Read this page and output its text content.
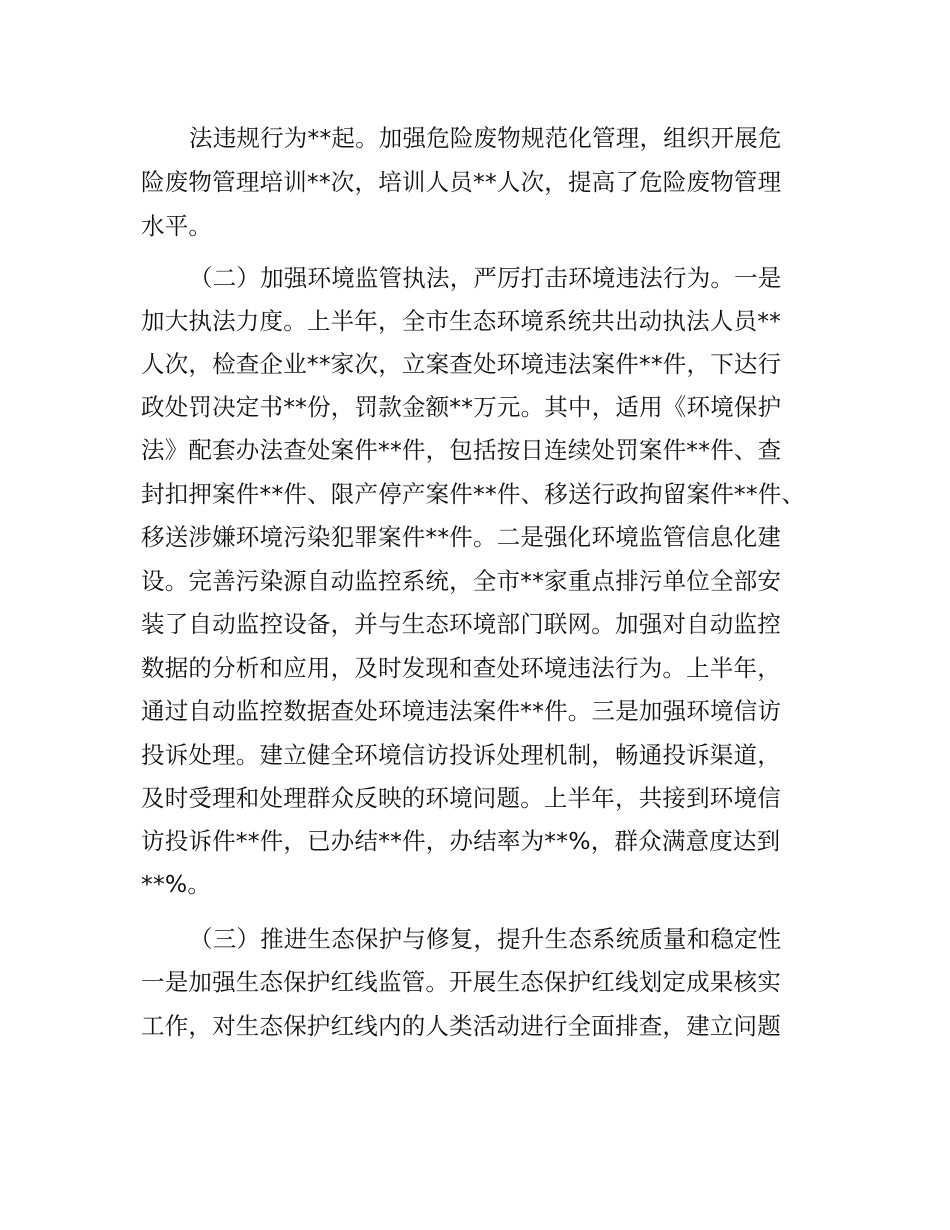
法违规行为**起。加强危险废物规范化管理，组织开展危

险废物管理培训**次，培训人员**人次，提高了危险废物管理

水平。

（二）加强环境监管执法，严厉打击环境违法行为。一是

加大执法力度。上半年，全市生态环境系统共出动执法人员**

人次，检查企业**家次，立案查处环境违法案件**件，下达行

政处罚决定书**份，罚款金额**万元。其中，适用《环境保护

法》配套办法查处案件**件，包括按日连续处罚案件**件、查

封扣押案件**件、限产停产案件**件、移送行政拘留案件**件、

移送涉嫌环境污染犯罪案件**件。二是强化环境监管信息化建

设。完善污染源自动监控系统，全市**家重点排污单位全部安

装了自动监控设备，并与生态环境部门联网。加强对自动监控

数据的分析和应用，及时发现和查处环境违法行为。上半年，

通过自动监控数据查处环境违法案件**件。三是加强环境信访

投诉处理。建立健全环境信访投诉处理机制，畅通投诉渠道，

及时受理和处理群众反映的环境问题。上半年，共接到环境信

访投诉件**件，已办结**件，办结率为**%，群众满意度达到

**%。

（三）推进生态保护与修复，提升生态系统质量和稳定性

一是加强生态保护红线监管。开展生态保护红线划定成果核实

工作，对生态保护红线内的人类活动进行全面排查，建立问题
